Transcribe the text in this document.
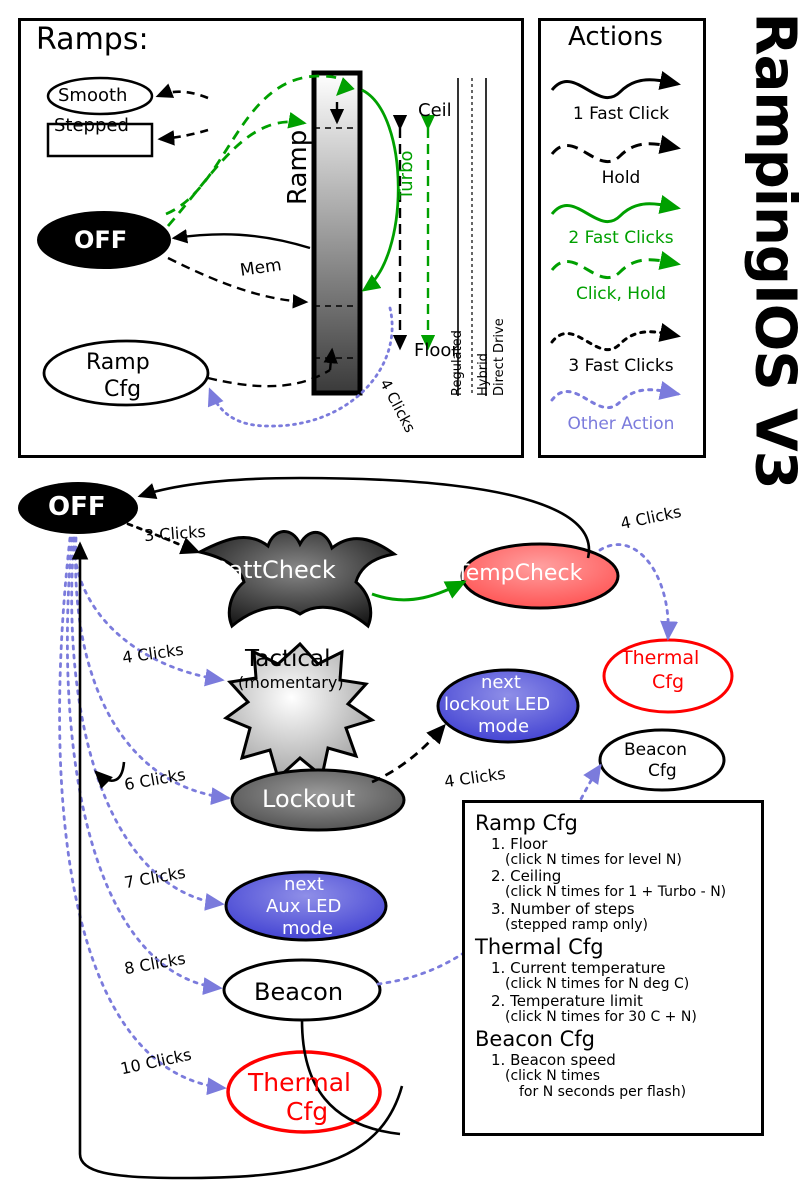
RampingIOS V3
Ramps:
Smooth
Stepped
OFF
Ramp
Cfg
Ramp
Ceil
Floor
Turbo
Mem
4 Clicks
Regulated Hybrid Direct Drive
Actions
1 Fast Click
Hold
2 Fast Clicks
Click, Hold
3 Fast Clicks
Other Action
OFF
BattCheck	TempCheck
Thermal
Cfg
Tactical
(momentary)	next
lockout LED
mode
Beacon
Cfg
Lockout
next
Aux LED
mode
Beacon
Thermal
Cfg
3 Clicks
4 Clicks
6 Clicks
7 Clicks
8 Clicks
10 Clicks
4 Clicks
4 Clicks
Ramp Cfg
1. Floor
(click N times for level N)
2. Ceiling
(click N times for 1 + Turbo - N)
3. Number of steps
(stepped ramp only)
Thermal Cfg
1. Current temperature
(click N times for N deg C)
2. Temperature limit
(click N times for 30 C + N)
Beacon Cfg
1. Beacon speed
(click N times
for N seconds per flash)
